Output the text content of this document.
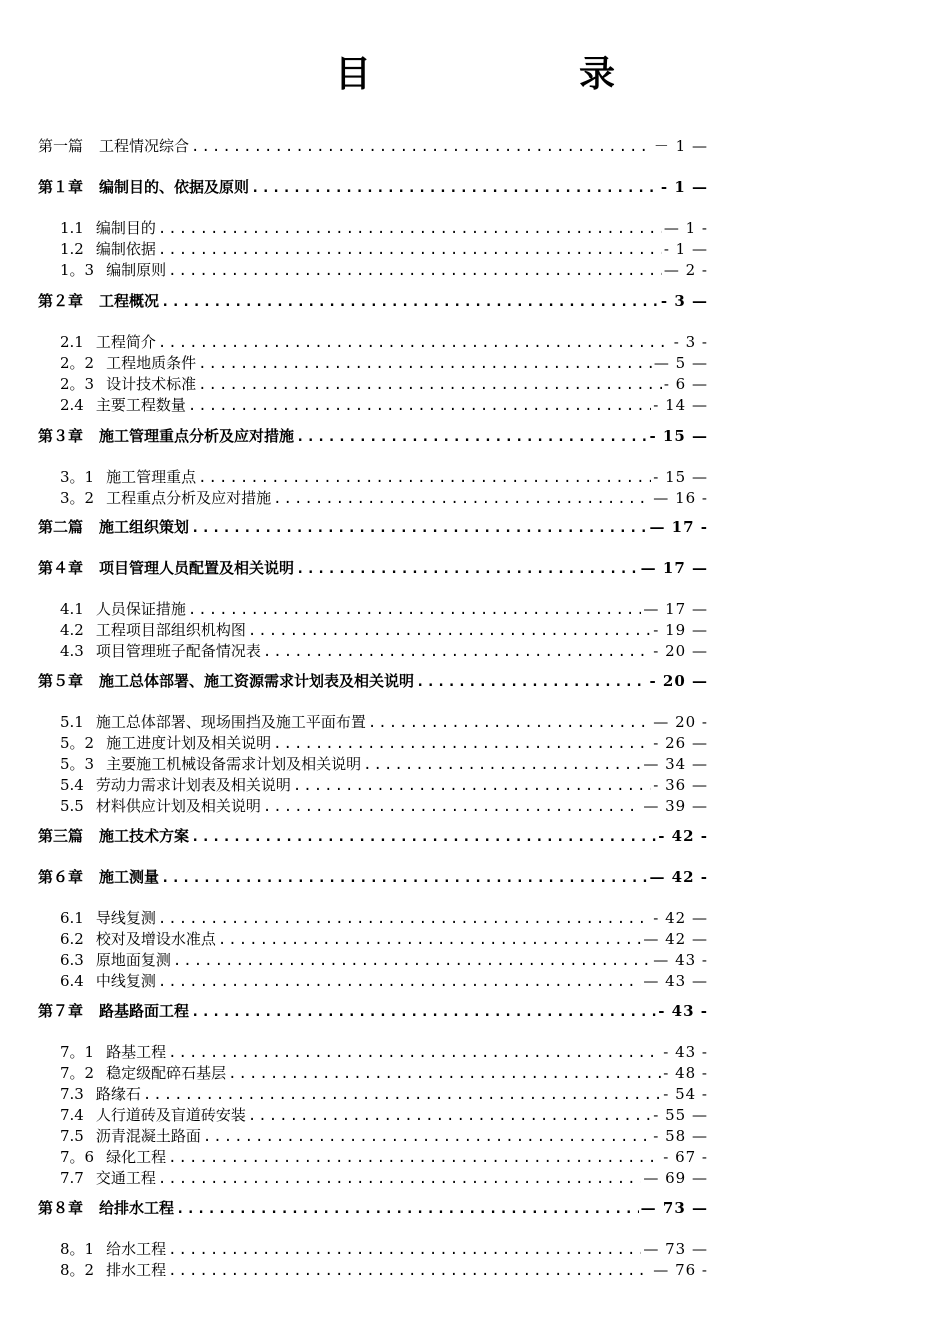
目　录
第一篇 工程情况综合 .....	－ 1 —
第１章 编制目的、依据及原则 .....	- 1 —
1.1 编制目的 .....	— 1 -
1.2 编制依据 .....	- 1 —
1。3 编制原则 .....	— 2 -
第２章 工程概况 .....	- 3 —
2.1 工程简介 .....	- 3 -
2。2 工程地质条件 .....	— 5 —
2。3 设计技术标准 .....	- 6 —
2.4 主要工程数量 .....	- 14 —
第３章 施工管理重点分析及应对措施 .....	- 15 —
3。1 施工管理重点 .....	- 15 —
3。2 工程重点分析及应对措施 .....	— 16 -
第二篇 施工组织策划 .....	— 17 -
第４章 项目管理人员配置及相关说明 .....	— 17 —
4.1 人员保证措施 .....	— 17 —
4.2 工程项目部组织机构图 .....	- 19 —
4.3 项目管理班子配备情况表 .....	- 20 —
第５章 施工总体部署、施工资源需求计划表及相关说明 .....	- 20 —
5.1 施工总体部署、现场围挡及施工平面布置 .....	— 20 -
5。2 施工进度计划及相关说明 .....	- 26 —
5。3 主要施工机械设备需求计划及相关说明 .....	— 34 —
5.4 劳动力需求计划表及相关说明 .....	- 36 —
5.5 材料供应计划及相关说明 .....	— 39 —
第三篇 施工技术方案 .....	- 42 -
第６章 施工测量 .....	— 42 -
6.1 导线复测 .....	- 42 —
6.2 校对及增设水准点 .....	— 42 —
6.3 原地面复测 .....	— 43 -
6.4 中线复测 .....	— 43 —
第７章 路基路面工程 .....	- 43 -
7。1 路基工程 .....	- 43 -
7。2 稳定级配碎石基层 .....	- 48 -
7.3 路缘石 .....	- 54 -
7.4 人行道砖及盲道砖安装 .....	- 55 —
7.5 沥青混凝土路面 .....	- 58 —
7。6 绿化工程 .....	- 67 -
7.7 交通工程 .....	— 69 —
第８章 给排水工程 .....	— 73 —
8。1 给水工程 .....	— 73 —
8。2 排水工程 .....	— 76 -
